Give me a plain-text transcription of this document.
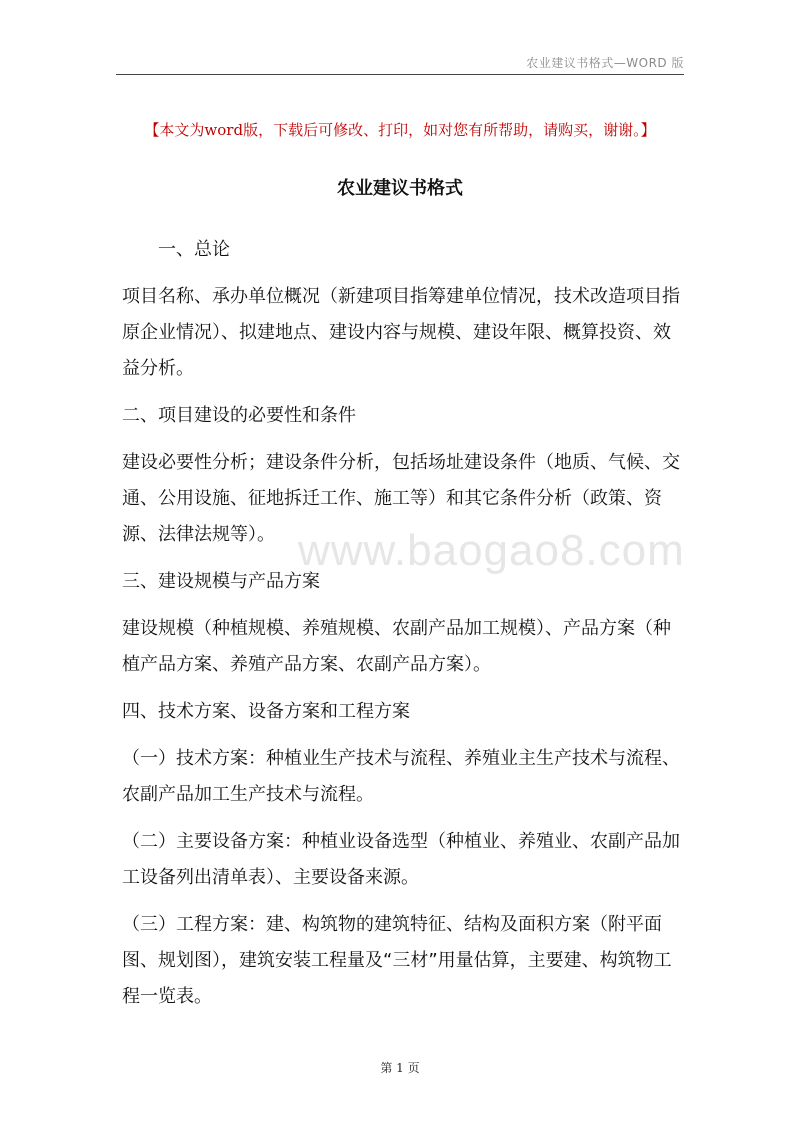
农业建议书格式—WORD 版
【本文为word版，下载后可修改、打印，如对您有所帮助，请购买，谢谢。】
农业建议书格式

一、总论

项目名称、承办单位概况（新建项目指筹建单位情况，技术改造项目指原企业情况）、拟建地点、建设内容与规模、建设年限、概算投资、效益分析。

二、项目建设的必要性和条件

建设必要性分析；建设条件分析，包括场址建设条件（地质、气候、交通、公用设施、征地拆迁工作、施工等）和其它条件分析（政策、资源、法律法规等）。

三、建设规模与产品方案

建设规模（种植规模、养殖规模、农副产品加工规模）、产品方案（种植产品方案、养殖产品方案、农副产品方案）。

四、技术方案、设备方案和工程方案

（一）技术方案：种植业生产技术与流程、养殖业主生产技术与流程、农副产品加工生产技术与流程。

（二）主要设备方案：种植业设备选型（种植业、养殖业、农副产品加工设备列出清单表）、主要设备来源。

（三）工程方案：建、构筑物的建筑特征、结构及面积方案（附平面图、规划图），建筑安装工程量及“三材”用量估算，主要建、构筑物工程一览表。

www.baogao8.com
第 1 页
